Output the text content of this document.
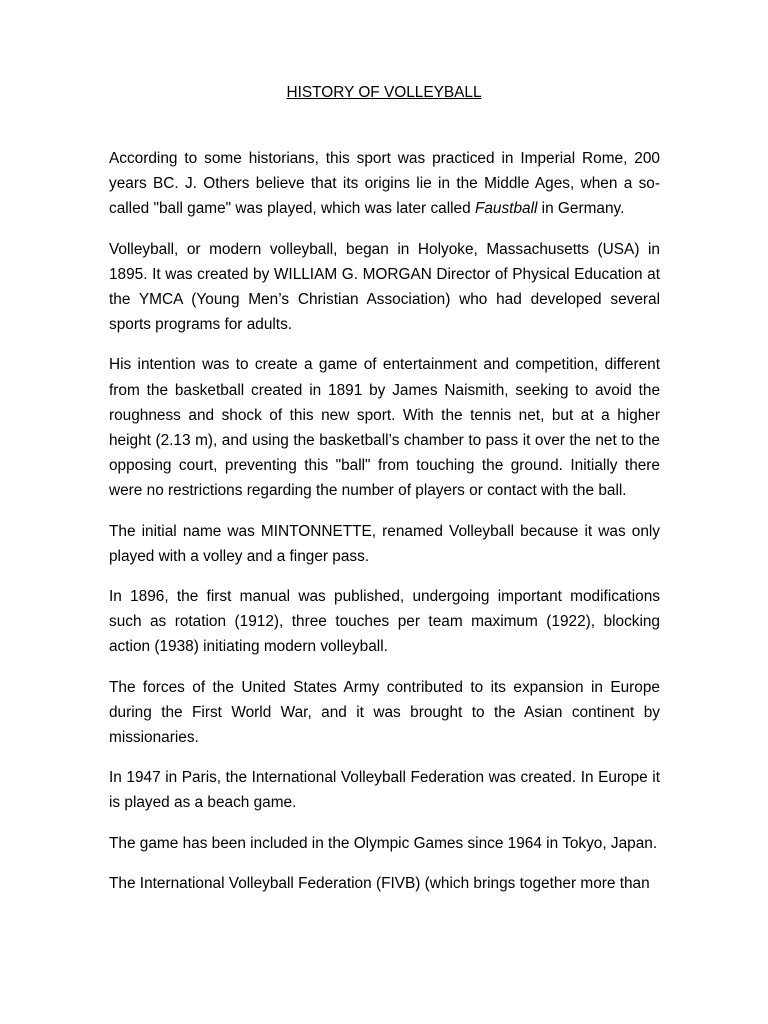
HISTORY OF VOLLEYBALL

According to some historians, this sport was practiced in Imperial Rome, 200 years BC. J. Others believe that its origins lie in the Middle Ages, when a so-called "ball game" was played, which was later called Faustball in Germany.

Volleyball, or modern volleyball, began in Holyoke, Massachusetts (USA) in 1895. It was created by WILLIAM G. MORGAN Director of Physical Education at the YMCA (Young Men’s Christian Association) who had developed several sports programs for adults.

His intention was to create a game of entertainment and competition, different from the basketball created in 1891 by James Naismith, seeking to avoid the roughness and shock of this new sport. With the tennis net, but at a higher height (2.13 m), and using the basketball’s chamber to pass it over the net to the opposing court, preventing this "ball" from touching the ground. Initially there were no restrictions regarding the number of players or contact with the ball.

The initial name was MINTONNETTE, renamed Volleyball because it was only played with a volley and a finger pass.

In 1896, the first manual was published, undergoing important modifications such as rotation (1912), three touches per team maximum (1922), blocking action (1938) initiating modern volleyball.

The forces of the United States Army contributed to its expansion in Europe during the First World War, and it was brought to the Asian continent by missionaries.

In 1947 in Paris, the International Volleyball Federation was created. In Europe it is played as a beach game.

The game has been included in the Olympic Games since 1964 in Tokyo, Japan.

The International Volleyball Federation (FIVB) (which brings together more than
